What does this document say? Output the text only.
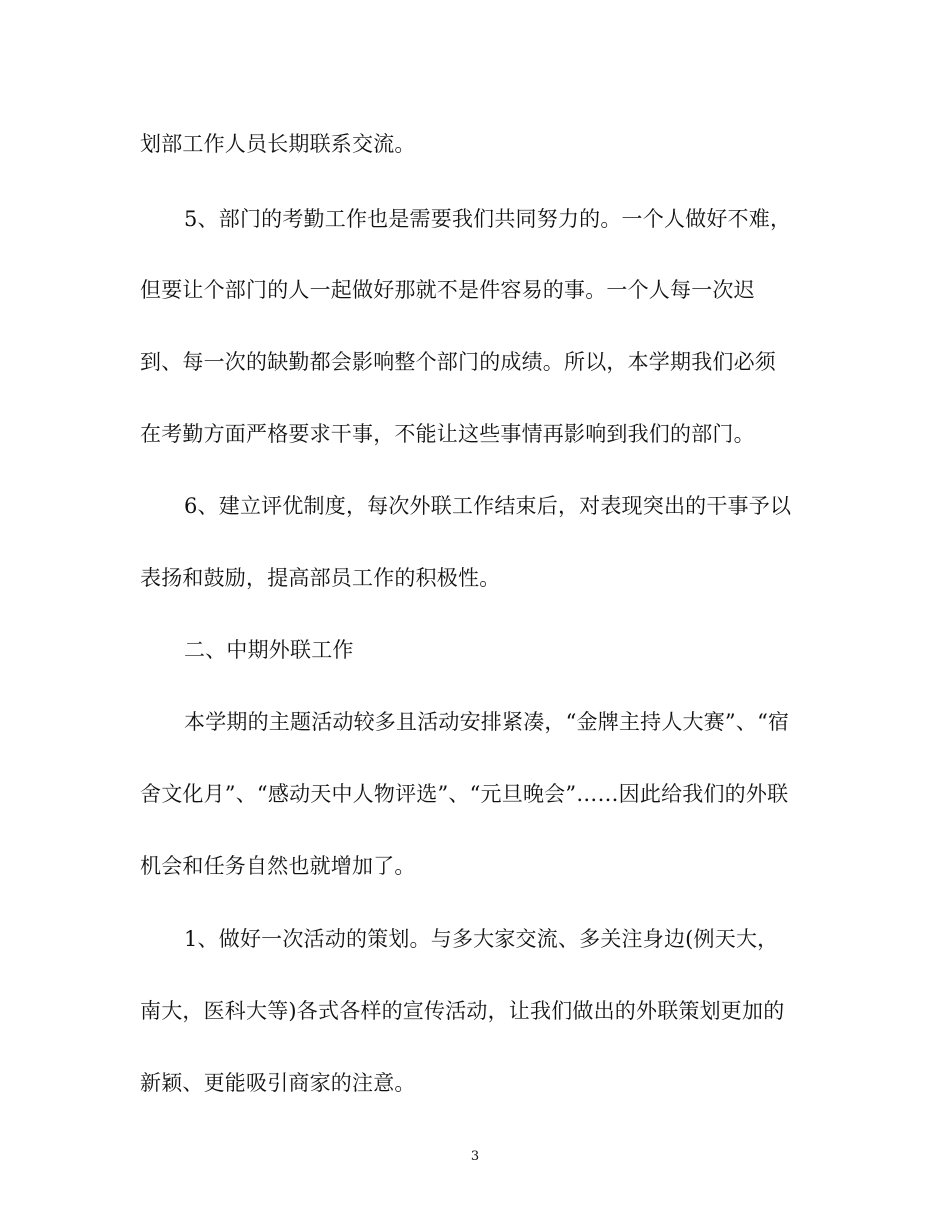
划部工作人员长期联系交流。
5、部门的考勤工作也是需要我们共同努力的。一个人做好不难，
但要让个部门的人一起做好那就不是件容易的事。一个人每一次迟
到、每一次的缺勤都会影响整个部门的成绩。所以，本学期我们必须
在考勤方面严格要求干事，不能让这些事情再影响到我们的部门。
6、建立评优制度，每次外联工作结束后，对表现突出的干事予以
表扬和鼓励，提高部员工作的积极性。
二、中期外联工作
本学期的主题活动较多且活动安排紧凑，“金牌主持人大赛”、“宿
舍文化月”、“感动天中人物评选”、“元旦晚会”……因此给我们的外联
机会和任务自然也就增加了。
1、做好一次活动的策划。与多大家交流、多关注身边(例天大，
南大，医科大等)各式各样的宣传活动，让我们做出的外联策划更加的
新颖、更能吸引商家的注意。
3
